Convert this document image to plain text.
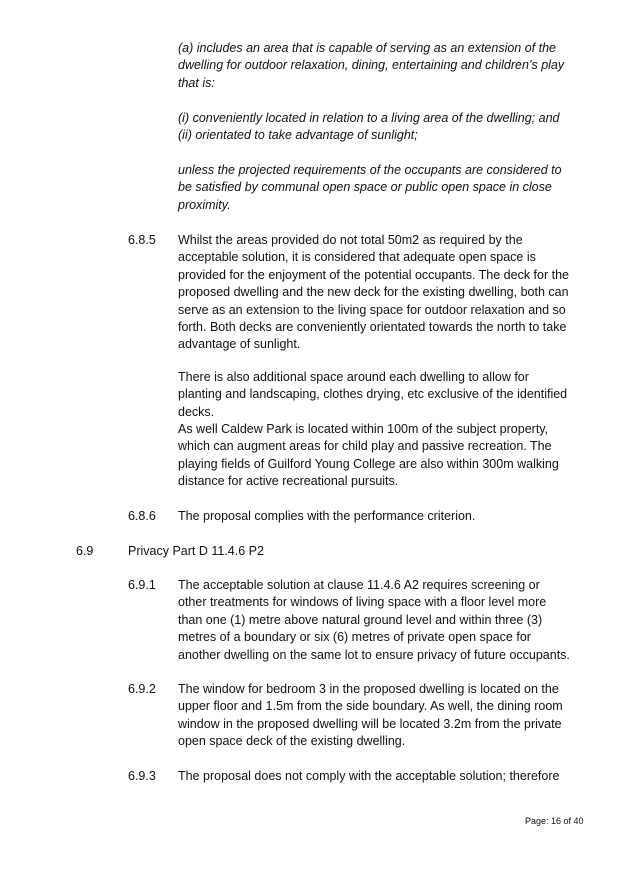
(a) includes an area that is capable of serving as an extension of the dwelling for outdoor relaxation, dining, entertaining and children’s play that is:

(i) conveniently located in relation to a living area of the dwelling; and

(ii) orientated to take advantage of sunlight;

unless the projected requirements of the occupants are considered to be satisfied by communal open space or public open space in close proximity.

6.8.5 Whilst the areas provided do not total 50m2 as required by the acceptable solution, it is considered that adequate open space is provided for the enjoyment of the potential occupants. The deck for the proposed dwelling and the new deck for the existing dwelling, both can serve as an extension to the living space for outdoor relaxation and so forth. Both decks are conveniently orientated towards the north to take advantage of sunlight.

There is also additional space around each dwelling to allow for planting and landscaping, clothes drying, etc exclusive of the identified decks.

As well Caldew Park is located within 100m of the subject property, which can augment areas for child play and passive recreation. The playing fields of Guilford Young College are also within 300m walking distance for active recreational pursuits.

6.8.6 The proposal complies with the performance criterion.

6.9	Privacy Part D 11.4.6 P2

6.9.1 The acceptable solution at clause 11.4.6 A2 requires screening or other treatments for windows of living space with a floor level more than one (1) metre above natural ground level and within three (3) metres of a boundary or six (6) metres of private open space for another dwelling on the same lot to ensure privacy of future occupants.

6.9.2 The window for bedroom 3 in the proposed dwelling is located on the upper floor and 1.5m from the side boundary. As well, the dining room window in the proposed dwelling will be located 3.2m from the private open space deck of the existing dwelling.

6.9.3 The proposal does not comply with the acceptable solution; therefore

Page: 16 of 40
